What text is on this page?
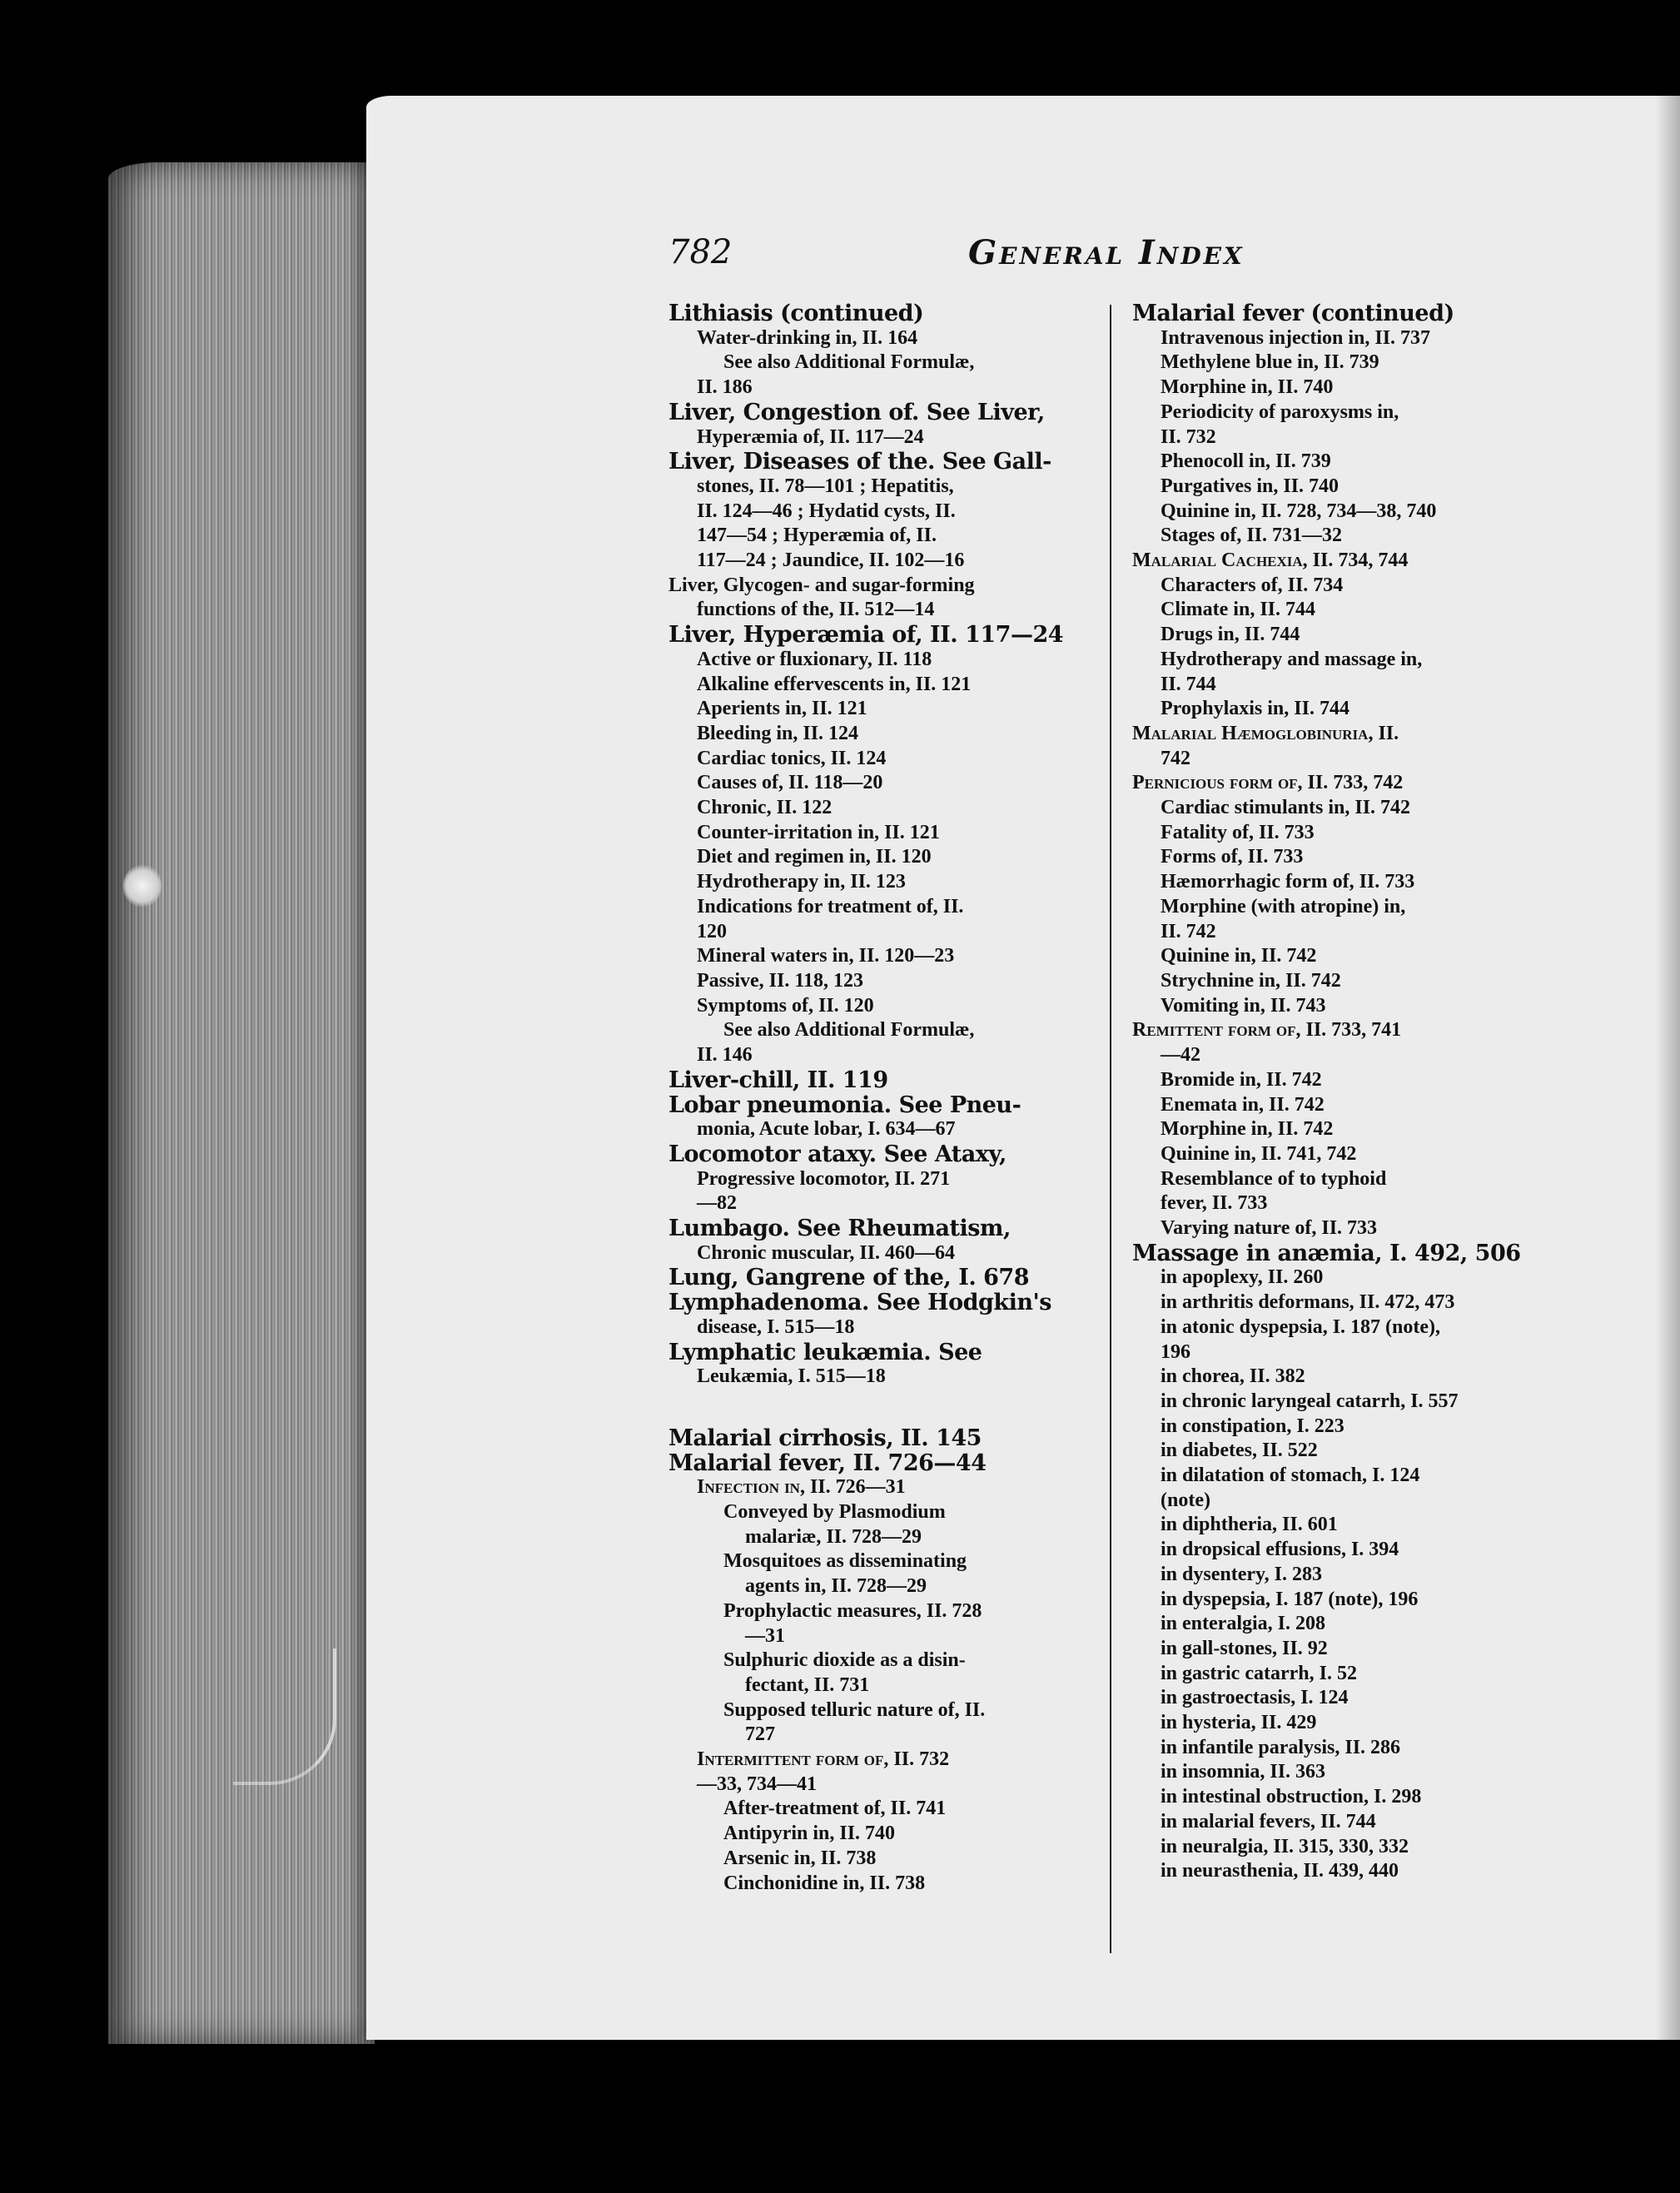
782	General Index
Lithiasis (continued)
Water-drinking in, II. 164
See also Additional Formulæ,
II. 186
Liver, Congestion of. See Liver,
Hyperæmia of, II. 117—24
Liver, Diseases of the. See Gall-
stones, II. 78—101 ; Hepatitis,
II. 124—46 ; Hydatid cysts, II.
147—54 ; Hyperæmia of, II.
117—24 ; Jaundice, II. 102—16
Liver, Glycogen- and sugar-forming
functions of the, II. 512—14
Liver, Hyperæmia of, II. 117—24
Active or fluxionary, II. 118
Alkaline effervescents in, II. 121
Aperients in, II. 121
Bleeding in, II. 124
Cardiac tonics, II. 124
Causes of, II. 118—20
Chronic, II. 122
Counter-irritation in, II. 121
Diet and regimen in, II. 120
Hydrotherapy in, II. 123
Indications for treatment of, II.
120
Mineral waters in, II. 120—23
Passive, II. 118, 123
Symptoms of, II. 120
See also Additional Formulæ,
II. 146
Liver-chill, II. 119
Lobar pneumonia. See Pneu-
monia, Acute lobar, I. 634—67
Locomotor ataxy. See Ataxy,
Progressive locomotor, II. 271
—82
Lumbago. See Rheumatism,
Chronic muscular, II. 460—64
Lung, Gangrene of the, I. 678
Lymphadenoma. See Hodgkin's
disease, I. 515—18
Lymphatic leukæmia. See
Leukæmia, I. 515—18
Malarial cirrhosis, II. 145
Malarial fever, II. 726—44
Infection in, II. 726—31
Conveyed by Plasmodium
malariæ, II. 728—29
Mosquitoes as disseminating
agents in, II. 728—29
Prophylactic measures, II. 728
—31
Sulphuric dioxide as a disin-
fectant, II. 731
Supposed telluric nature of, II.
727
Intermittent form of, II. 732
—33, 734—41
After-treatment of, II. 741
Antipyrin in, II. 740
Arsenic in, II. 738
Cinchonidine in, II. 738
Malarial fever (continued)
Intravenous injection in, II. 737
Methylene blue in, II. 739
Morphine in, II. 740
Periodicity of paroxysms in,
II. 732
Phenocoll in, II. 739
Purgatives in, II. 740
Quinine in, II. 728, 734—38, 740
Stages of, II. 731—32
Malarial Cachexia, II. 734, 744
Characters of, II. 734
Climate in, II. 744
Drugs in, II. 744
Hydrotherapy and massage in,
II. 744
Prophylaxis in, II. 744
Malarial Hæmoglobinuria, II.
742
Pernicious form of, II. 733, 742
Cardiac stimulants in, II. 742
Fatality of, II. 733
Forms of, II. 733
Hæmorrhagic form of, II. 733
Morphine (with atropine) in,
II. 742
Quinine in, II. 742
Strychnine in, II. 742
Vomiting in, II. 743
Remittent form of, II. 733, 741
—42
Bromide in, II. 742
Enemata in, II. 742
Morphine in, II. 742
Quinine in, II. 741, 742
Resemblance of to typhoid
fever, II. 733
Varying nature of, II. 733
Massage in anæmia, I. 492, 506
in apoplexy, II. 260
in arthritis deformans, II. 472, 473
in atonic dyspepsia, I. 187 (note),
196
in chorea, II. 382
in chronic laryngeal catarrh, I. 557
in constipation, I. 223
in diabetes, II. 522
in dilatation of stomach, I. 124
(note)
in diphtheria, II. 601
in dropsical effusions, I. 394
in dysentery, I. 283
in dyspepsia, I. 187 (note), 196
in enteralgia, I. 208
in gall-stones, II. 92
in gastric catarrh, I. 52
in gastroectasis, I. 124
in hysteria, II. 429
in infantile paralysis, II. 286
in insomnia, II. 363
in intestinal obstruction, I. 298
in malarial fevers, II. 744
in neuralgia, II. 315, 330, 332
in neurasthenia, II. 439, 440
